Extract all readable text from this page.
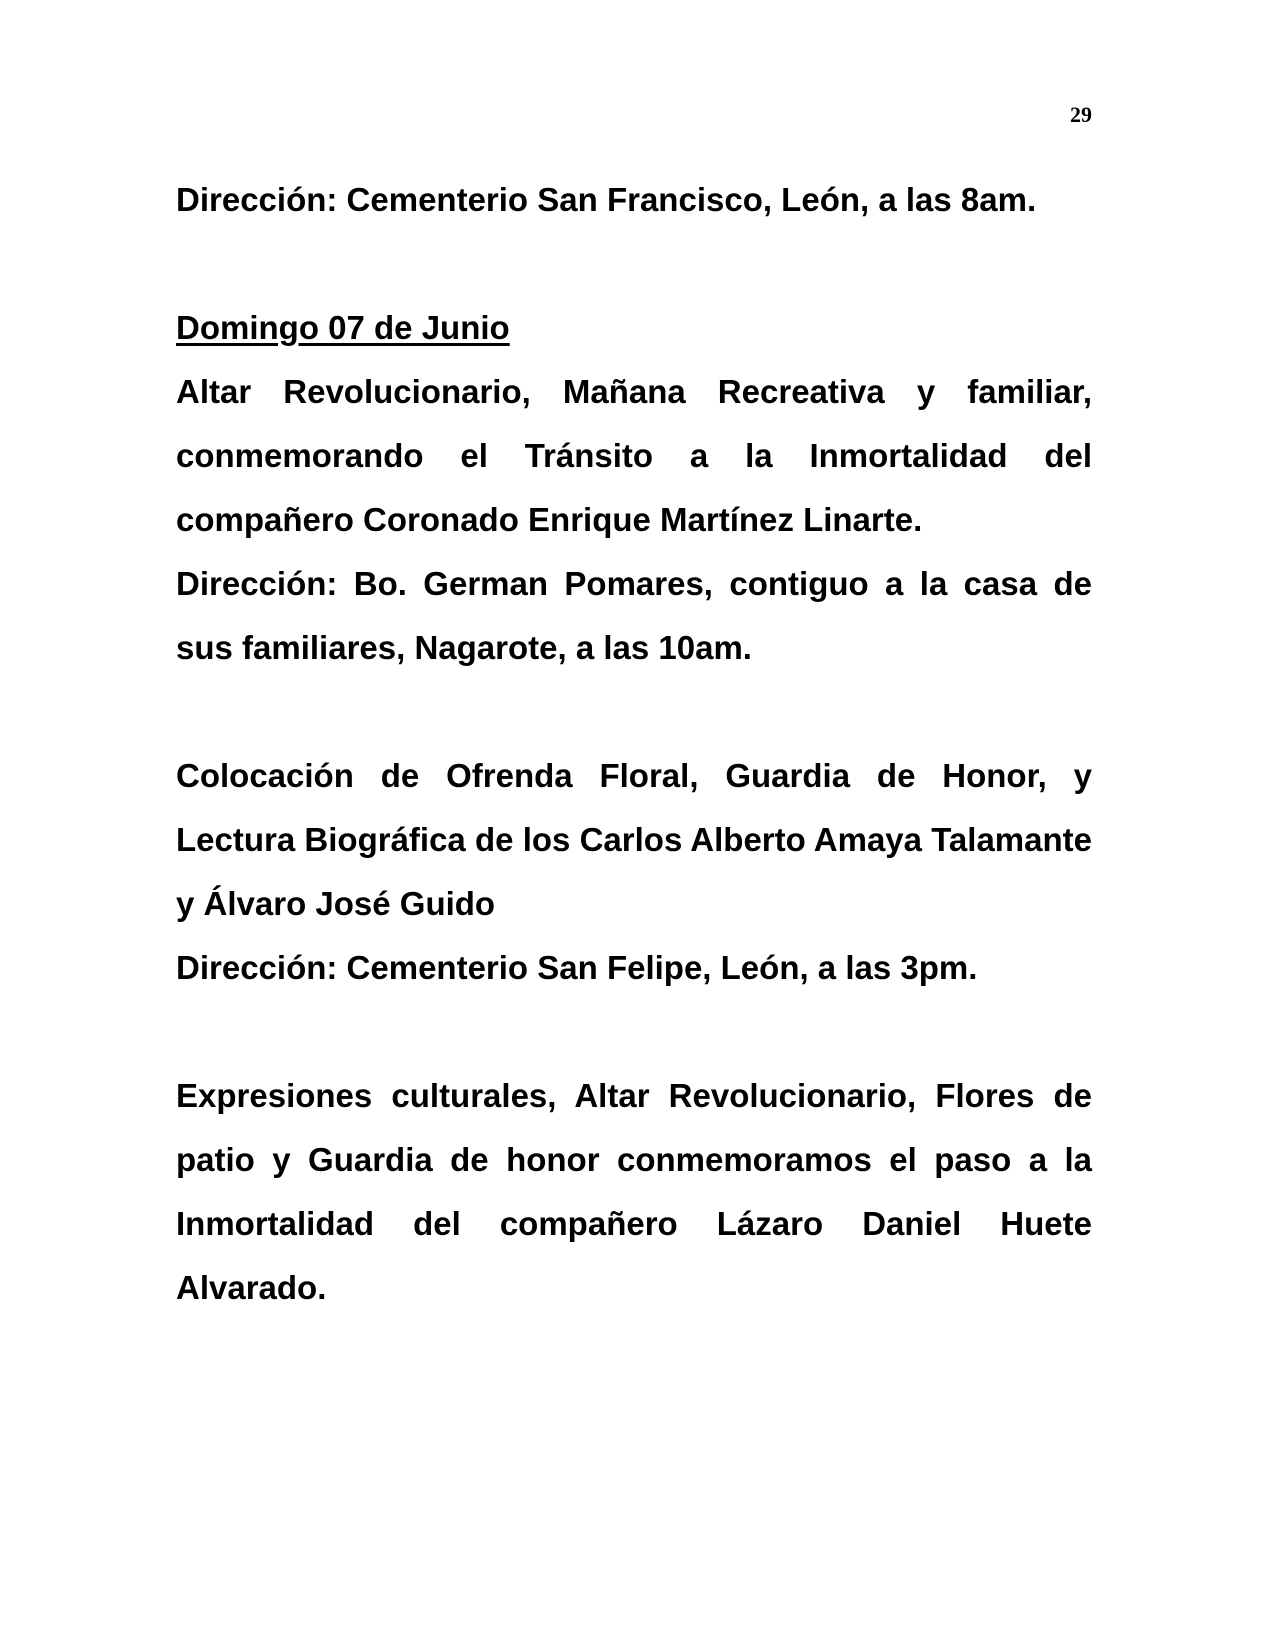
29

Dirección: Cementerio San Francisco, León, a las 8am.

Domingo 07 de Junio

Altar Revolucionario, Mañana Recreativa y familiar, conmemorando el Tránsito a la Inmortalidad del compañero Coronado Enrique Martínez Linarte.

Dirección: Bo. German Pomares, contiguo a la casa de sus familiares, Nagarote, a las 10am.

Colocación de Ofrenda Floral, Guardia de Honor, y Lectura Biográfica de los Carlos Alberto Amaya Talamante y Álvaro José Guido

Dirección: Cementerio San Felipe, León, a las 3pm.

Expresiones culturales, Altar Revolucionario, Flores de patio y Guardia de honor conmemoramos el paso a la Inmortalidad del compañero Lázaro Daniel Huete Alvarado.
